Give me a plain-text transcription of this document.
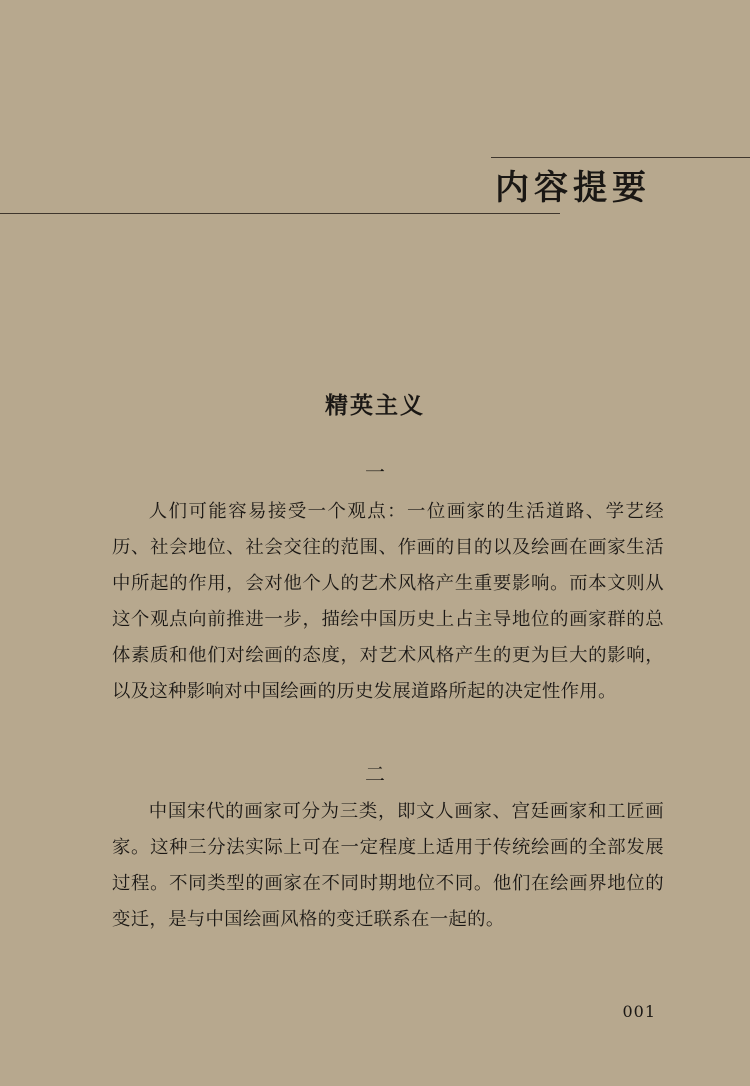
内容提要
精英主义
一

人们可能容易接受一个观点：一位画家的生活道路、学艺经历、社会地位、社会交往的范围、作画的目的以及绘画在画家生活中所起的作用，会对他个人的艺术风格产生重要影响。而本文则从这个观点向前推进一步，描绘中国历史上占主导地位的画家群的总体素质和他们对绘画的态度，对艺术风格产生的更为巨大的影响，以及这种影响对中国绘画的历史发展道路所起的决定性作用。

二

中国宋代的画家可分为三类，即文人画家、宫廷画家和工匠画家。这种三分法实际上可在一定程度上适用于传统绘画的全部发展过程。不同类型的画家在不同时期地位不同。他们在绘画界地位的变迁，是与中国绘画风格的变迁联系在一起的。

001
